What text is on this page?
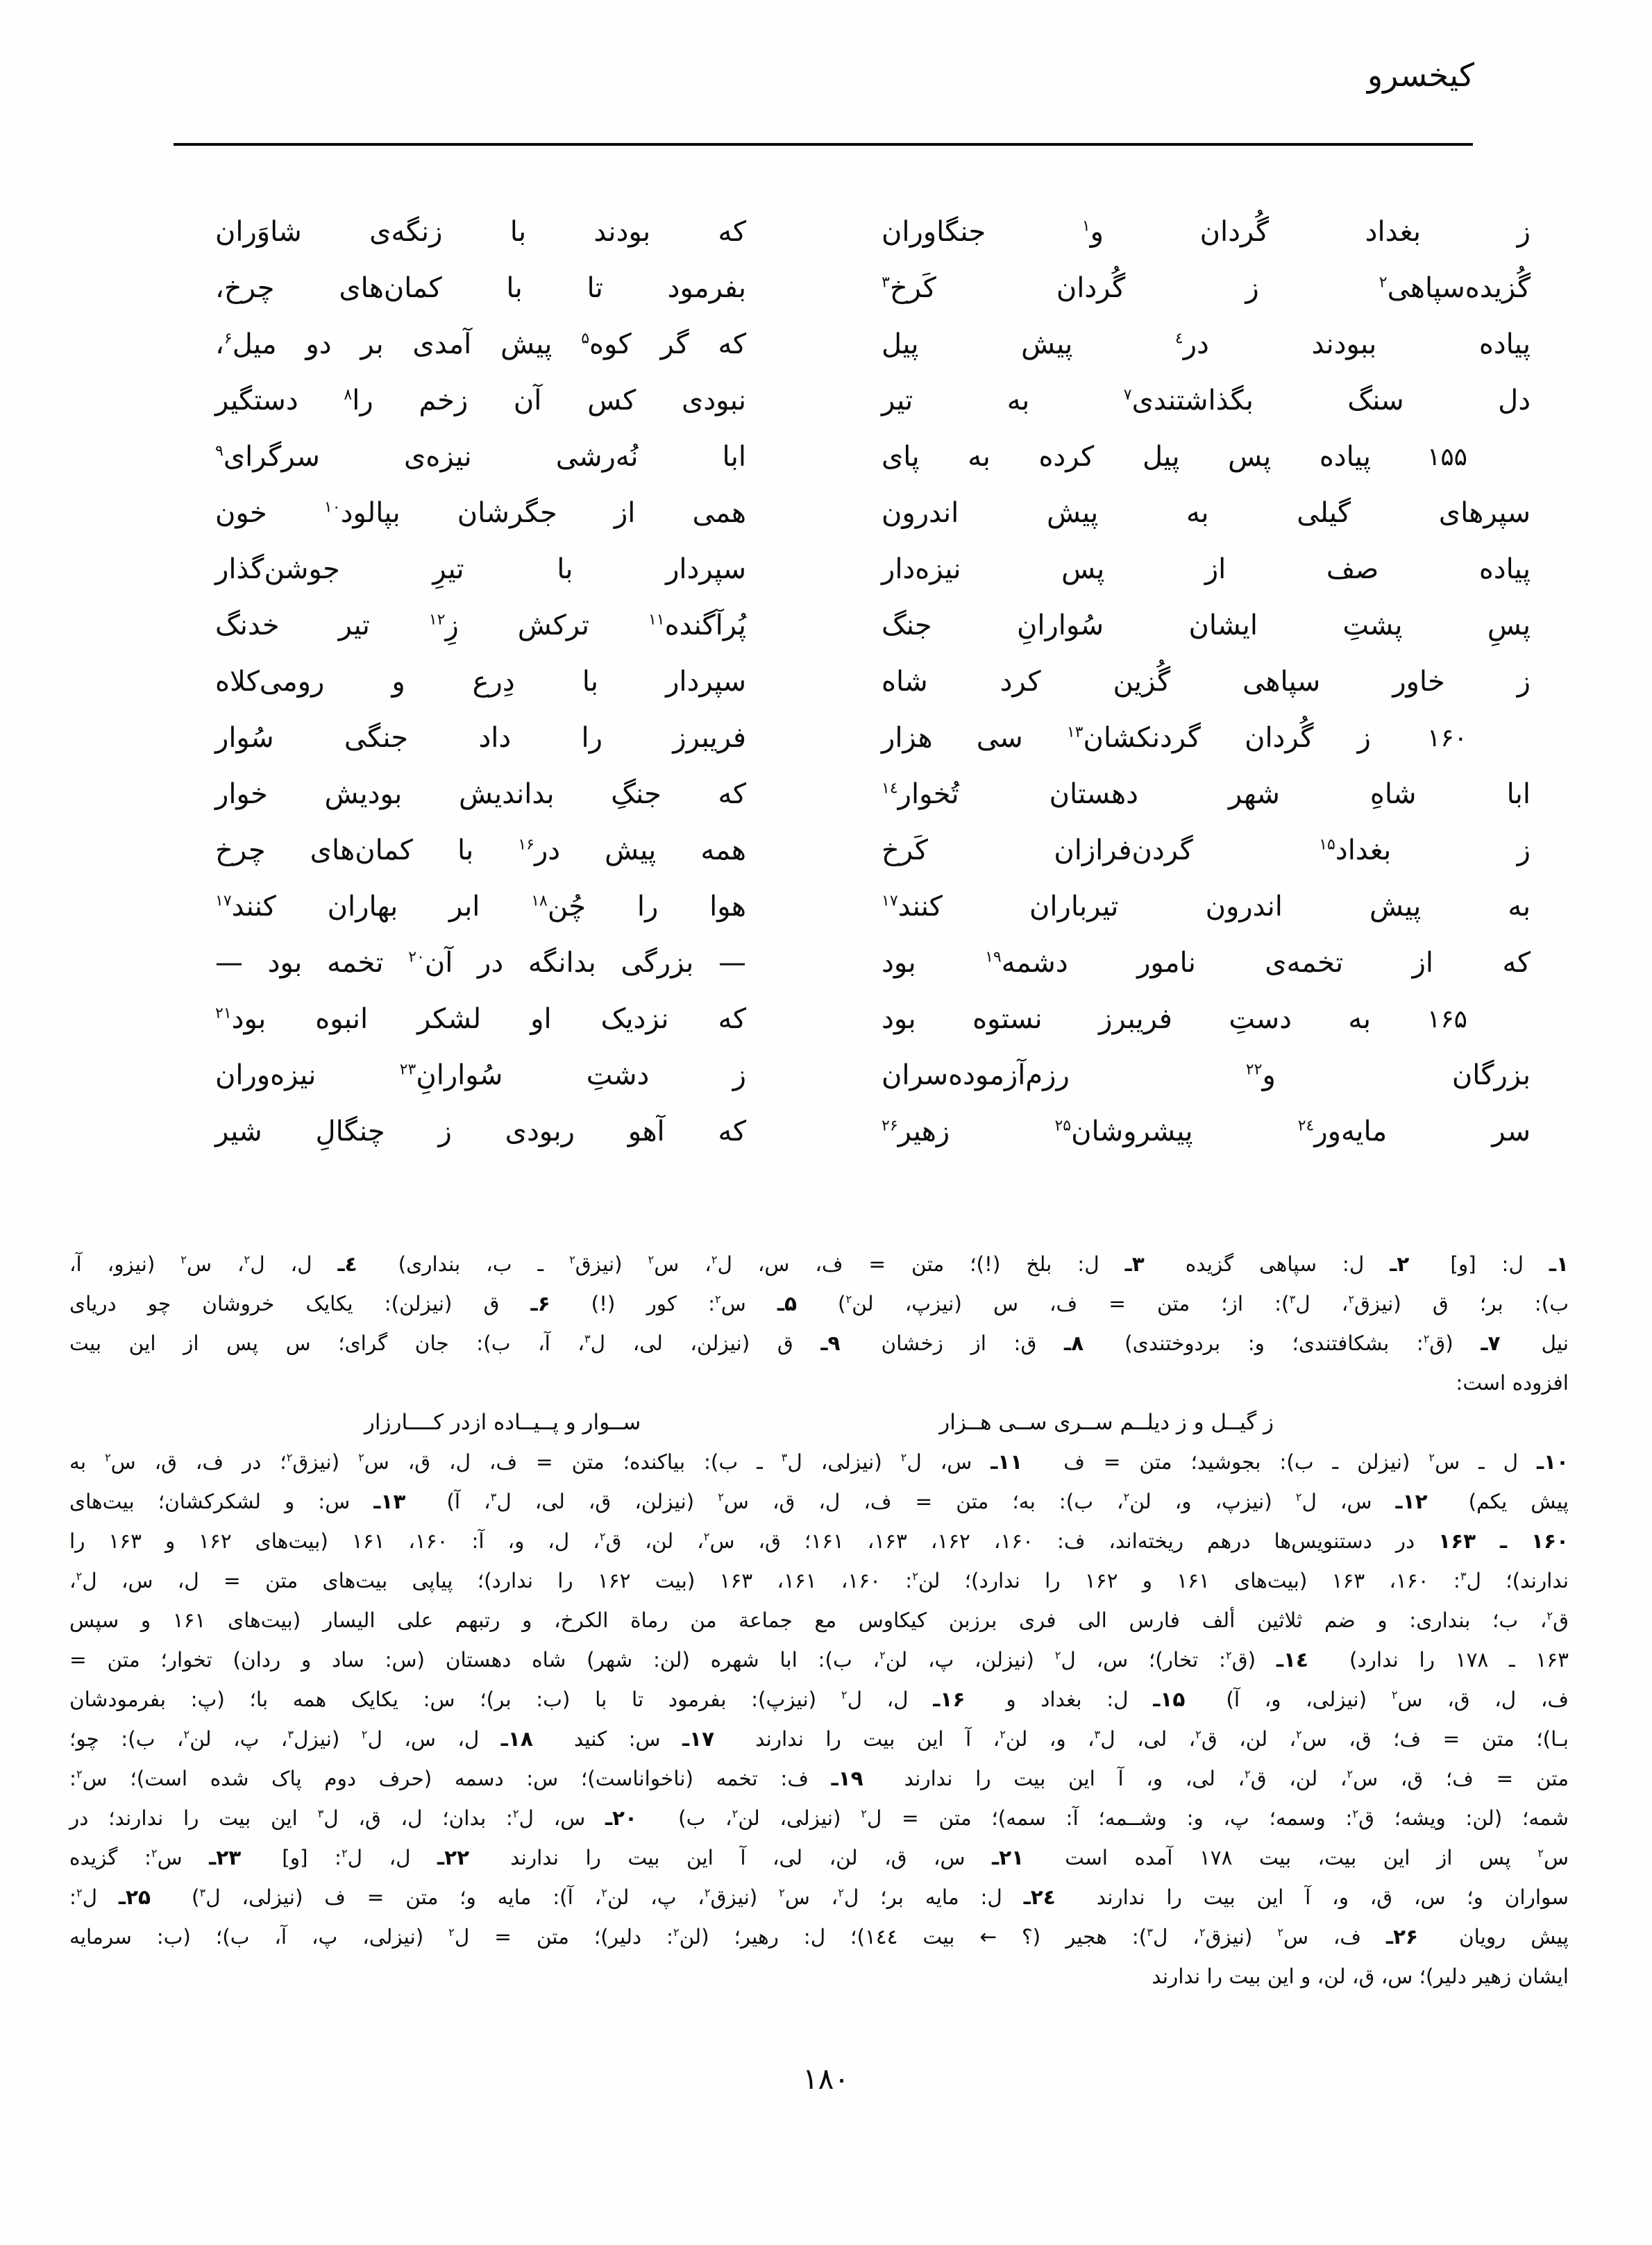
کیخسرو
ز بغداد گُردان و$^۱$ جنگاوران
که بودند با زنگه‌ی شاوَران
گُزیده‌سپاهی$^۲$ ز گُردان کَرخ$^۳$
بفرمود تا با کمان‌های چرخ،
پیاده ببودند در$^٤$ پیش پیل
که گر کوه$^۵$ پیش آمدی بر دو میل$^۶$،
دل سنگ بگذاشتندی$^۷$ به تیر
نبودی کس آن زخم را$^۸$ دستگیر
۱۵۵
پیاده پس پیل کرده به پای
ابا نُه‌رشی نیزه‌ی سرگرای$^۹$
سپرهای گیلی به پیش اندرون
همی از جگرشان بپالود$^{۱۰}$ خون
پیاده صف از پس نیزه‌دار
سپردار با تیرِ جوشن‌گذار
پسِ پشتِ ایشان سُوارانِ جنگ
پُرآگنده$^{۱۱}$ ترکش زِ$^{۱۲}$ تیر خدنگ
ز خاور سپاهی گُزین کرد شاه
سپردار با دِرع و رومی‌کلاه
۱۶۰
ز گُردان گردنکشان$^{۱۳}$ سی هزار
فریبرز را داد جنگی سُوار
ابا شاهِ شهر دهستان تُخوار$^{۱٤}$
که جنگِ بداندیش بودیش خوار
ز بغداد$^{۱۵}$ گردن‌فرازان کَرخ
همه پیش در$^{۱۶}$ با کمان‌های چرخ
به پیش اندرون تیرباران کنند$^{۱۷}$
هوا را چُن$^{۱۸}$ ابر بهاران کنند$^{۱۷}$
که از تخمه‌ی نامور دشمه$^{۱۹}$ بود
— بزرگی بدانگه در آن$^{۲۰}$ تخمه بود —
۱۶۵
به دستِ فریبرز نستوه بود
که نزدیک او لشکر انبوه بود$^{۲۱}$
بزرگان و$^{۲۲}$ رزم‌آزموده‌سران
ز دشتِ سُوارانِ$^{۲۳}$ نیزه‌وران
سر مایه‌ور$^{۲٤}$ پیشروشان$^{۲۵}$ زهیر$^{۲۶}$
که آهو ربودی ز چنگالِ شیر
۱ـ ل: [و]  ۲ـ ل: سپاهی گزیده  ۳ـ ل: بلخ (!)؛ متن = ف، س، ل$^۲$، س$^۲$ (نیزق$^۲$ ـ ب، بنداری)  ٤ـ ل، ل$^۲$، س$^۲$ (نیزو، آ،
ب): بر؛ ق (نیزق$^۲$، ل$^۳$): از؛ متن = ف، س (نیزپ، لن$^۲$)  ۵ـ س$^۲$: کور (!)  ۶ـ ق (نیزلن): یکایک خروشان چو دریای
نیل  ۷ـ (ق$^۲$: بشکافتندی؛ و: بردوختندی)  ۸ـ ق: از زخشان  ۹ـ ق (نیزلن، لی، ل$^۳$، آ، ب): جان گرای؛ س پس از این بیت
افزوده است:
ز گیــل و ز دیلــم ســری ســی هــزار
ســوار و پــیــاده ازدر کــــارزار
۱۰ـ ل ـ س$^۲$ (نیزلن ـ ب): بجوشید؛ متن = ف  ۱۱ـ س، ل$^۲$ (نیزلی، ل$^۳$ ـ ب): بیاکنده؛ متن = ف، ل، ق، س$^۲$ (نیزق$^۲$؛ در ف، ق، س$^۲$ به
پیش یکم)  ۱۲ـ س، ل$^۲$ (نیزپ، و، لن$^۲$، ب): به؛ متن = ف، ل، ق، س$^۲$ (نیزلن، ق، لی، ل$^۳$، آ)  ۱۳ـ س: و لشکرکشان؛ بیت‌های
۱۶۰ ـ ۱۶۳ در دستنویس‌ها درهم ریخته‌اند، ف: ۱۶۰، ۱۶۲، ۱۶۳، ۱۶۱؛ ق، س$^۲$، لن، ق$^۲$، ل، و، آ: ۱۶۰، ۱۶۱ (بیت‌های ۱۶۲ و ۱۶۳ را
ندارند)؛ ل$^۳$: ۱۶۰، ۱۶۳ (بیت‌های ۱۶۱ و ۱۶۲ را ندارد)؛ لن$^۲$: ۱۶۰، ۱۶۱، ۱۶۳ (بیت ۱۶۲ را ندارد)؛ پیاپی بیت‌های متن = ل، س، ل$^۲$،
ق$^۲$، ب؛ بنداری: و ضم ثلاثین ألف فارس الی فری برزبن کیکاوس مع جماعة من رماة الکرخ، و رتبهم علی الیسار (بیت‌های ۱۶۱ و سپس
۱۶۳ ـ ۱۷۸ را ندارد)  ۱٤ـ (ق$^۲$: تخار)؛ س، ل$^۲$ (نیزلن، پ، لن$^۲$، ب): ابا شهره (لن: شهر) شاه دهستان (س: ساد و ردان) تخوار؛ متن =
ف، ل، ق، س$^۲$ (نیزلی، و، آ)  ۱۵ـ ل: بغداد و  ۱۶ـ ل، ل$^۲$ (نیزپ): بفرمود تا با (ب: بر)؛ س: یکایک همه با؛ (پ: بفرمودشان
بـا)؛ متن = ف؛ ق، س$^۲$، لن، ق$^۲$، لی، ل$^۳$، و، لن$^۲$، آ این بیت را ندارند  ۱۷ـ س: کنید  ۱۸ـ ل، س، ل$^۲$ (نیزل$^۳$، پ، لن$^۲$، ب): چو؛
متن = ف؛ ق، س$^۲$، لن، ق$^۲$، لی، و، آ این بیت را ندارند  ۱۹ـ ف: تخمه (ناخواناست)؛ س: دسمه (حرف دوم پاک شده است)؛ س$^۲$:
شمه؛ (لن: ویشه؛ ق$^۲$: وسمه؛ پ، و: وشــمه؛ آ: سمه)؛ متن = ل$^۲$ (نیزلی، لن$^۲$، ب)  ۲۰ـ س، ل$^۲$: بدان؛ ل، ق، ل$^۳$ این بیت را ندارند؛ در
س$^۲$ پس از این بیت، بیت ۱۷۸ آمده است  ۲۱ـ س، ق، لن، لی، آ این بیت را ندارند  ۲۲ـ ل، ل$^۲$: [و]  ۲۳ـ س$^۲$: گزیده
سواران و؛ س، ق، و، آ این بیت را ندارند  ۲٤ـ ل: مایه بر؛ ل$^۲$، س$^۲$ (نیزق$^۲$، پ، لن$^۲$، آ): مایه و؛ متن = ف (نیزلی، ل$^۳$)  ۲۵ـ ل$^۲$:
پیش رویان  ۲۶ـ ف، س$^۲$ (نیزق$^۲$، ل$^۳$): هجیر (؟ ← بیت ۱٤٤)؛ ل: رهیر؛ (لن$^۲$: دلیر)؛ متن = ل$^۲$ (نیزلی، پ، آ، ب)؛ (ب: سرمایه
ایشان زهیر دلیر)؛ س، ق، لن، و این بیت را ندارند
۱۸۰
